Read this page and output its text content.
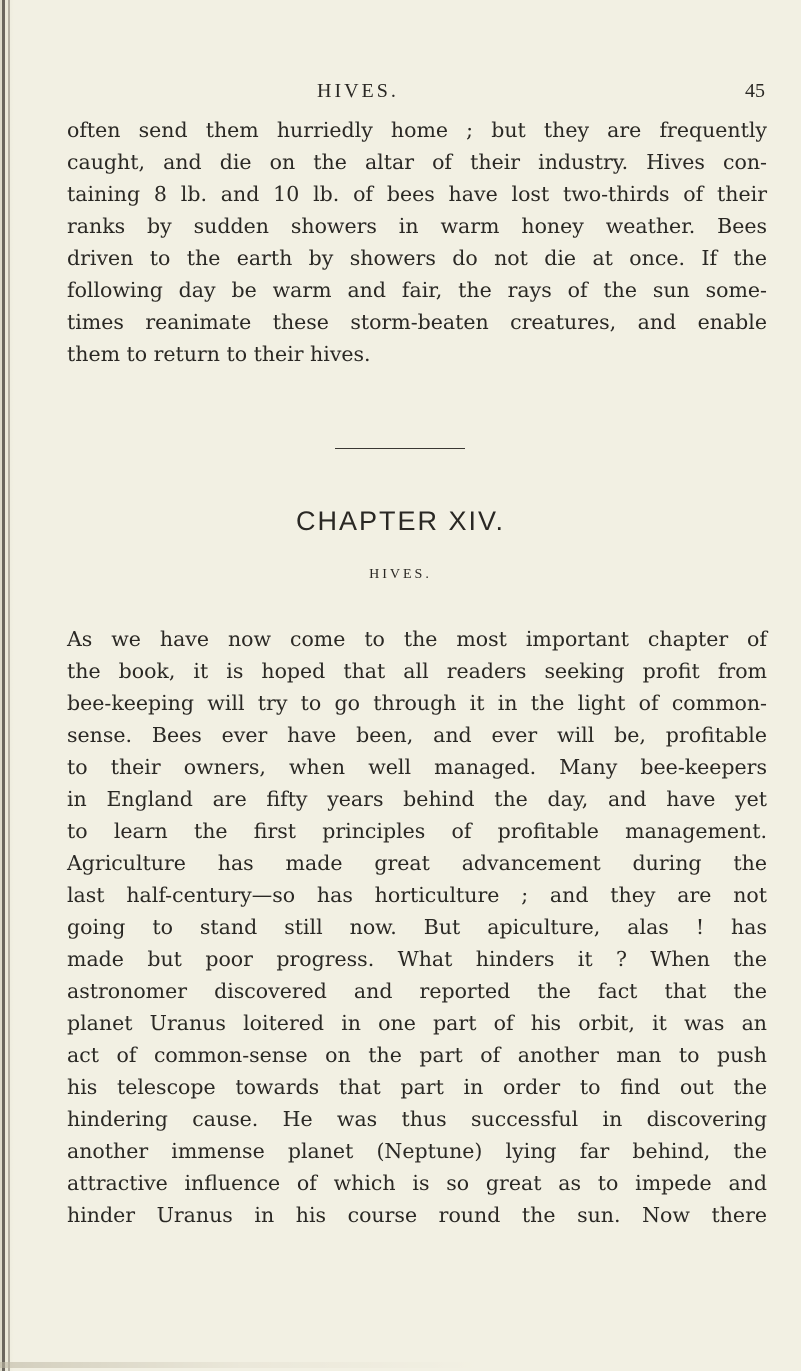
HIVES.	45
often send them hurriedly home ; but they are frequently
caught, and die on the altar of their industry. Hives con-
taining 8 lb. and 10 lb. of bees have lost two-thirds of their
ranks by sudden showers in warm honey weather. Bees
driven to the earth by showers do not die at once. If the
following day be warm and fair, the rays of the sun some-
times reanimate these storm-beaten creatures, and enable
them to return to their hives.
CHAPTER XIV.
HIVES.
As we have now come to the most important chapter of
the book, it is hoped that all readers seeking profit from
bee-keeping will try to go through it in the light of common-
sense. Bees ever have been, and ever will be, profitable
to their owners, when well managed. Many bee-keepers
in England are fifty years behind the day, and have yet
to learn the first principles of profitable management.
Agriculture has made great advancement during the
last half-century—so has horticulture ; and they are not
going to stand still now. But apiculture, alas ! has
made but poor progress. What hinders it ? When the
astronomer discovered and reported the fact that the
planet Uranus loitered in one part of his orbit, it was an
act of common-sense on the part of another man to push
his telescope towards that part in order to find out the
hindering cause. He was thus successful in discovering
another immense planet (Neptune) lying far behind, the
attractive influence of which is so great as to impede and
hinder Uranus in his course round the sun. Now there
